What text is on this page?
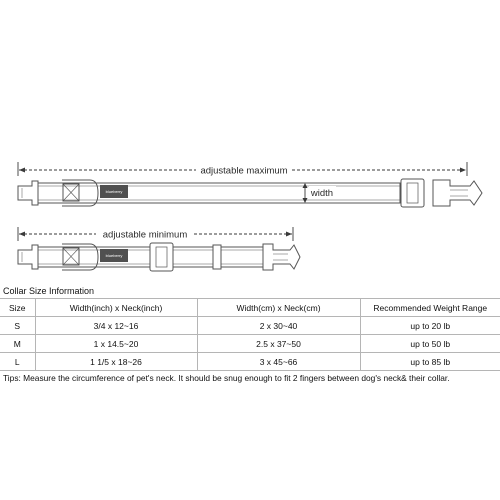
adjustable maximum
blueberry	width
adjustable minimum
blueberry
Collar Size Information
Size	Width(inch) x Neck(inch)	Width(cm) x Neck(cm)	Recommended Weight Range
S	3/4 x 12~16	2 x 30~40	up to 20 lb
M	1 x 14.5~20	2.5 x 37~50	up to 50 lb
L	1 1/5 x 18~26	3 x 45~66	up to 85 lb
Tips: Measure the circumference of pet's neck. It should be snug enough to fit 2 fingers between dog's neck& their collar.
